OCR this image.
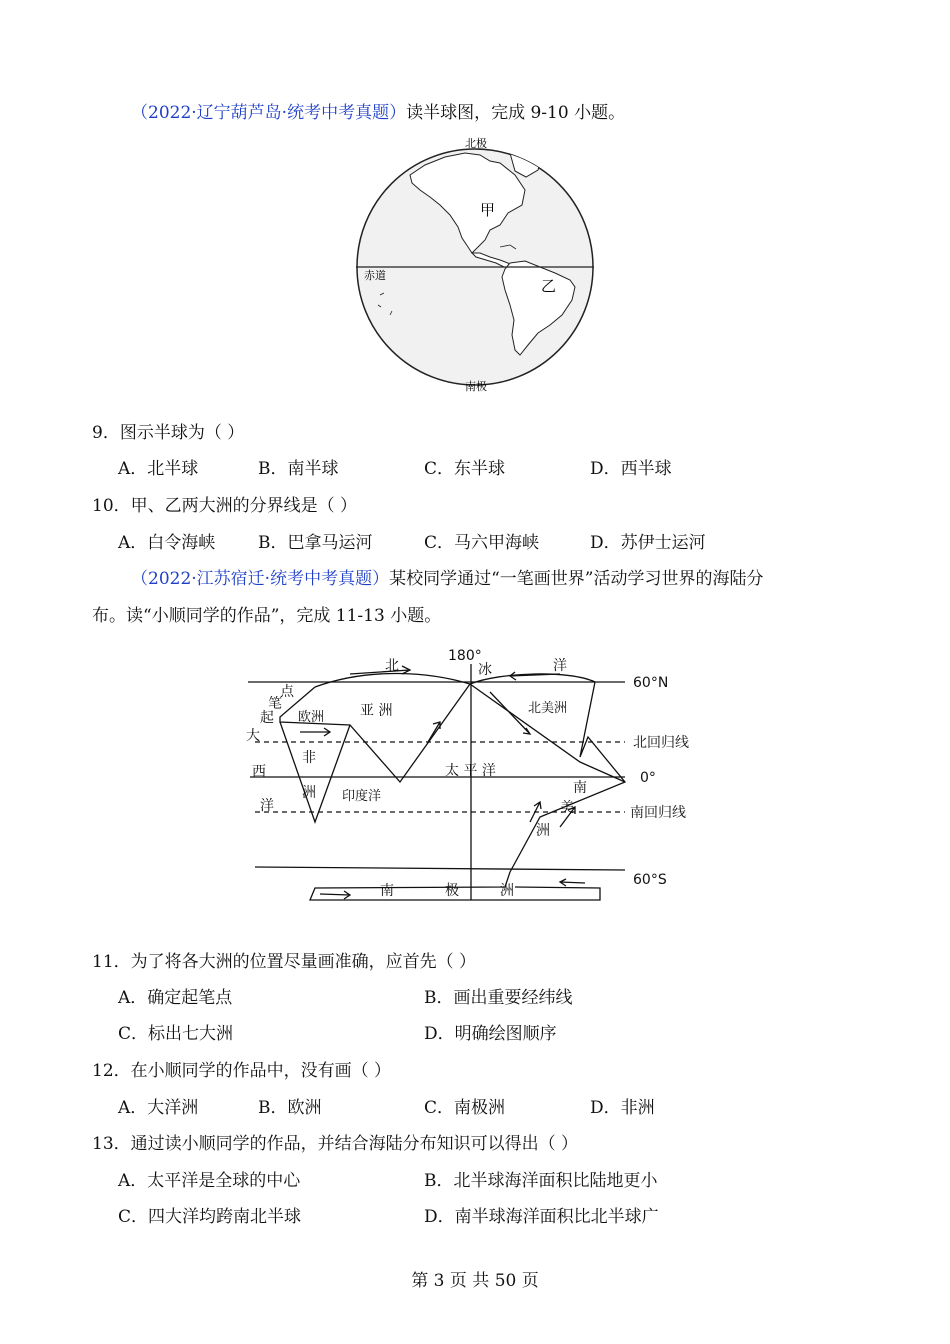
（2022·辽宁葫芦岛·统考中考真题）读半球图，完成 9-10 小题。
北极
南极
赤道
甲
乙
9．图示半球为（ ）
A．北半球	B．南半球	C．东半球	D．西半球
10．甲、乙两大洲的分界线是（ ）
A．白令海峡	B．巴拿马运河	C．马六甲海峡	D．苏伊士运河
（2022·江苏宿迁·统考中考真题）某校同学通过“一笔画世界”活动学习世界的海陆分
布。读“小顺同学的作品”，完成 11-13 小题。
180°
60°N
北回归线
0°
南回归线
60°S
北	冰	洋
起
笔
点
欧洲	亚 洲	北美洲
大
西
洋
非
洲 印度洋
太 平 洋
南
美
洲
南	极	洲
11．为了将各大洲的位置尽量画准确，应首先（ ）
A．确定起笔点	B．画出重要经纬线
C．标出七大洲	D．明确绘图顺序
12．在小顺同学的作品中，没有画（ ）
A．大洋洲	B．欧洲	C．南极洲	D．非洲
13．通过读小顺同学的作品，并结合海陆分布知识可以得出（ ）
A．太平洋是全球的中心	B．北半球海洋面积比陆地更小
C．四大洋均跨南北半球	D．南半球海洋面积比北半球广
第 3 页 共 50 页
